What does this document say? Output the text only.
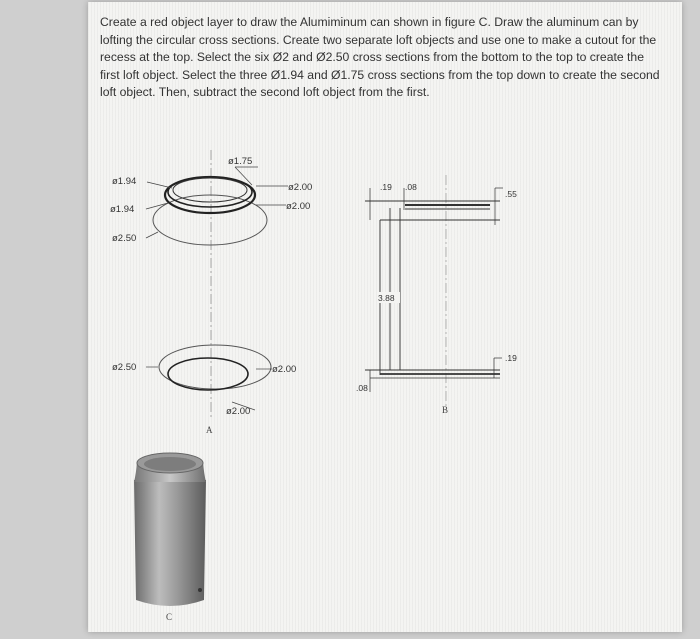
Create a red object layer to draw the Alumiminum can shown in figure C. Draw the aluminum can by lofting the circular cross sections. Create two separate loft objects and use one to make a cutout for the recess at the top. Select the six Ø2 and Ø2.50 cross sections from the bottom to the top to create the first loft object. Select the three Ø1.94 and Ø1.75 cross sections from the top down to create the second loft object. Then, subtract the second loft object from the first.

ø1.94
ø1.94
ø2.50
ø1.75
ø2.00
ø2.00
ø2.50	ø2.00
ø2.00
A
.19 .08
.55
3.88
.19
.08
B
C
